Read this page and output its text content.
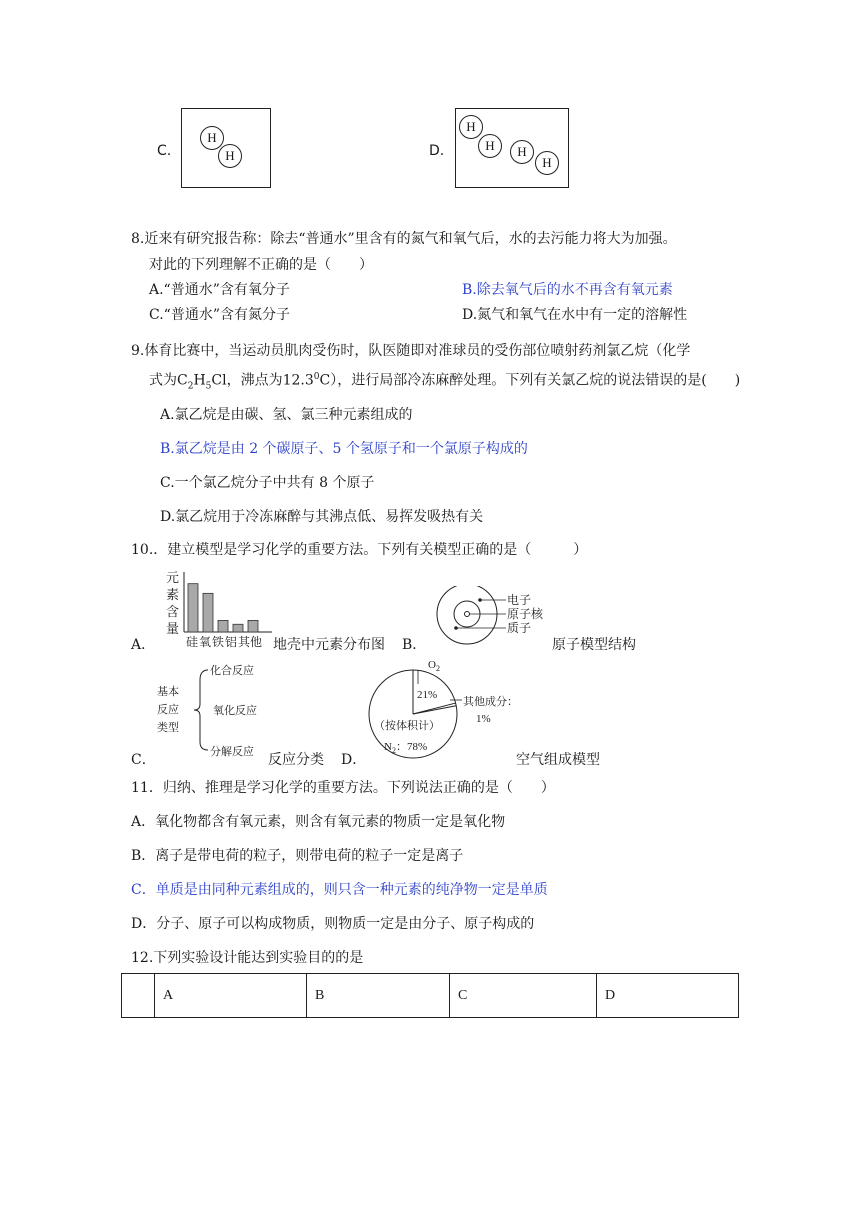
C.
H
H	D.
H
H	H
H
8.近来有研究报告称：除去“普通水”里含有的氮气和氧气后，水的去污能力将大为加强。
对此的下列理解不正确的是（　　）
A.“普通水”含有氧分子	B.除去氧气后的水不再含有氧元素
C.“普通水”含有氮分子	D.氮气和氧气在水中有一定的溶解性
9.体育比赛中，当运动员肌肉受伤时，队医随即对准球员的受伤部位喷射药剂氯乙烷（化学
式为$C_2H_5Cl$，沸点为12.3$^0$C），进行局部冷冻麻醉处理。下列有关氯乙烷的说法错误的是(　　)
A.氯乙烷是由碳、氢、氯三种元素组成的
B.氯乙烷是由 2 个碳原子、5 个氢原子和一个氯原子构成的
C.一个氯乙烷分子中共有 8 个原子
D.氯乙烷用于冷冻麻醉与其沸点低、易挥发吸热有关
10.．建立模型是学习化学的重要方法。下列有关模型正确的是（　　　）
A．
元
素
含
量
硅 氧 铁 铝 其他 地壳中元素分布图 B．
电子
原子核
质子
原子模型结构
C．
基本
反应
类型
化合反应
氧化反应
分解反应
反应分类 D．
$O_2$
21% 其他成分：
1%
（按体积计）
$N_2$：78%
空气组成模型
11．归纳、推理是学习化学的重要方法。下列说法正确的是（　　）
A．氧化物都含有氧元素，则含有氧元素的物质一定是氧化物
B．离子是带电荷的粒子，则带电荷的粒子一定是离子
C．单质是由同种元素组成的，则只含一种元素的纯净物一定是单质
D．分子、原子可以构成物质，则物质一定是由分子、原子构成的
12.下列实验设计能达到实验目的的是
	A	B	C	D
